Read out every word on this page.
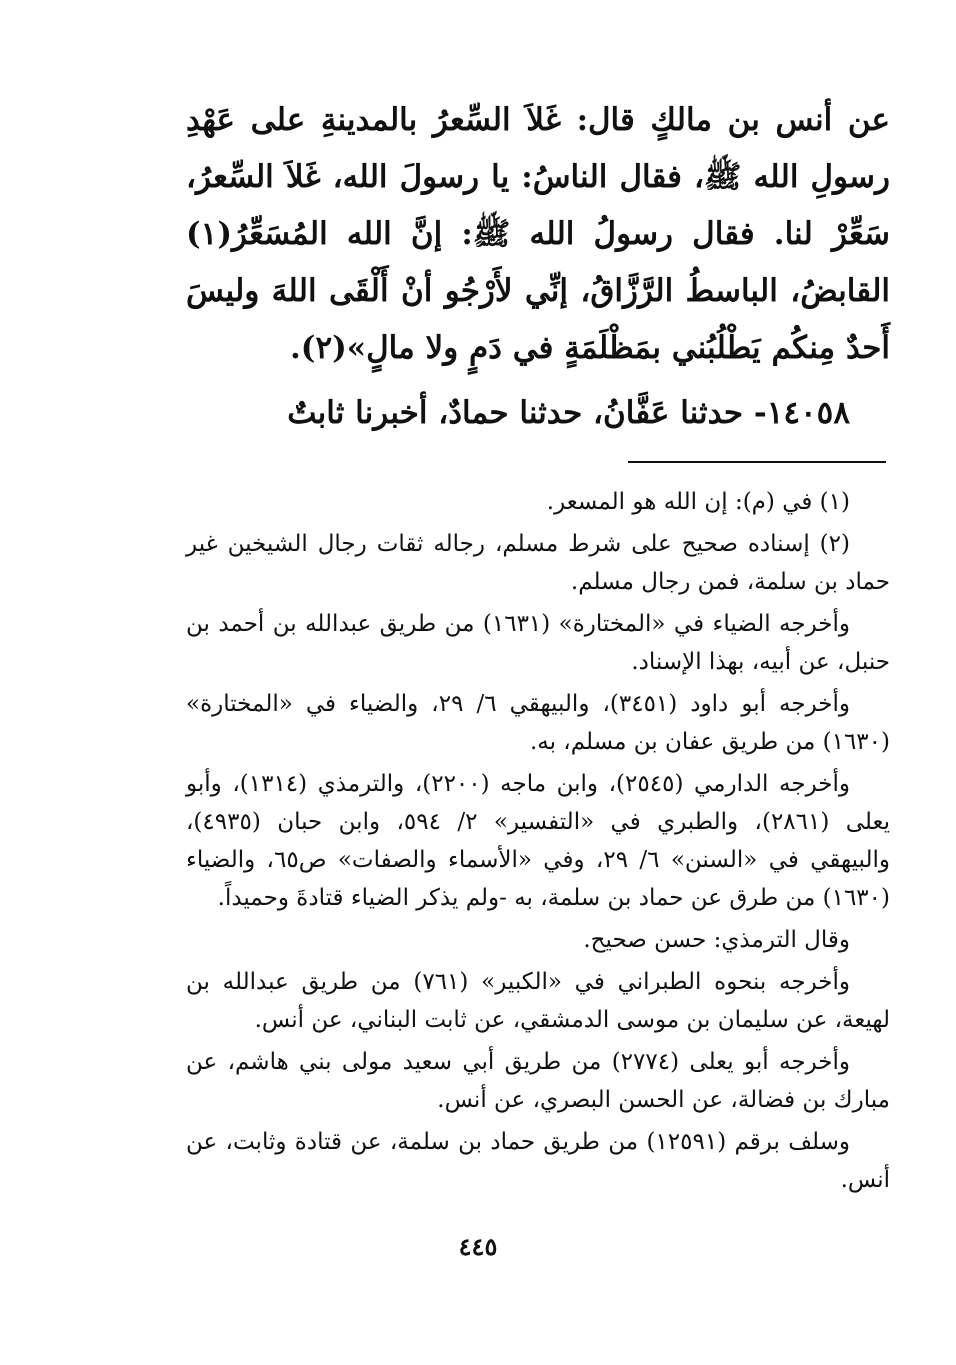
عن أنس بن مالكٍ قال: غَلاَ السِّعرُ بالمدينةِ على عَهْدِ رسولِ الله ﷺ، فقال الناسُ: يا رسولَ الله، غَلاَ السِّعرُ، سَعِّرْ لنا. فقال رسولُ الله ﷺ: إنَّ الله المُسَعِّرُ(١) القابضُ، الباسطُ الرَّزَّاقُ، إنِّي لأَرْجُو أنْ أَلْقَى اللهَ وليسَ أَحدٌ مِنكُم يَطْلُبُني بمَظْلَمَةٍ في دَمٍ ولا مالٍ»(٢).

١٤٠٥٨- حدثنا عَفَّانُ، حدثنا حمادٌ، أخبرنا ثابتٌ

(١) في (م): إن الله هو المسعر.

(٢) إسناده صحيح على شرط مسلم، رجاله ثقات رجال الشيخين غير حماد بن سلمة، فمن رجال مسلم.

وأخرجه الضياء في «المختارة» (١٦٣١) من طريق عبدالله بن أحمد بن حنبل، عن أبيه، بهذا الإسناد.

وأخرجه أبو داود (٣٤٥١)، والبيهقي ٦/ ٢٩، والضياء في «المختارة» (١٦٣٠) من طريق عفان بن مسلم، به.

وأخرجه الدارمي (٢٥٤٥)، وابن ماجه (٢٢٠٠)، والترمذي (١٣١٤)، وأبو يعلى (٢٨٦١)، والطبري في «التفسير» ٢/ ٥٩٤، وابن حبان (٤٩٣٥)، والبيهقي في «السنن» ٦/ ٢٩، وفي «الأسماء والصفات» ص٦٥، والضياء (١٦٣٠) من طرق عن حماد بن سلمة، به -ولم يذكر الضياء قتادةَ وحميداً.

وقال الترمذي: حسن صحيح.

وأخرجه بنحوه الطبراني في «الكبير» (٧٦١) من طريق عبدالله بن لهيعة، عن سليمان بن موسى الدمشقي، عن ثابت البناني، عن أنس.

وأخرجه أبو يعلى (٢٧٧٤) من طريق أبي سعيد مولى بني هاشم، عن مبارك بن فضالة، عن الحسن البصري، عن أنس.

وسلف برقم (١٢٥٩١) من طريق حماد بن سلمة، عن قتادة وثابت، عن أنس.

٤٤٥
